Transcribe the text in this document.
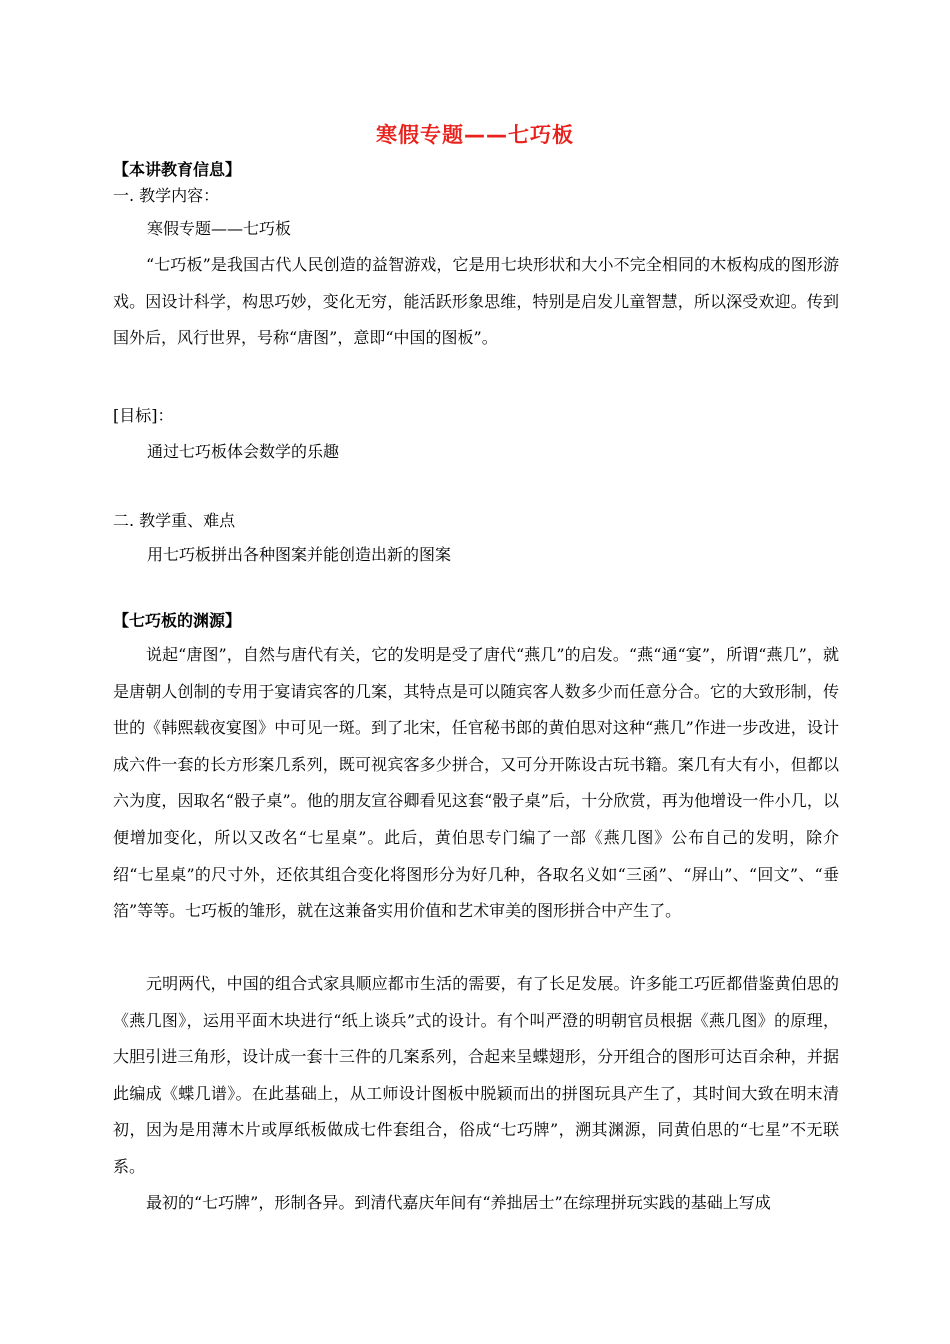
寒假专题——七巧板
【本讲教育信息】
一. 教学内容：
寒假专题——七巧板
“七巧板”是我国古代人民创造的益智游戏，它是用七块形状和大小不完全相同的木板构成的图形游戏。因设计科学，构思巧妙，变化无穷，能活跃形象思维，特别是启发儿童智慧，所以深受欢迎。传到国外后，风行世界，号称“唐图”，意即“中国的图板”。
[目标]：
通过七巧板体会数学的乐趣
二. 教学重、难点
用七巧板拼出各种图案并能创造出新的图案
【七巧板的渊源】
说起“唐图”，自然与唐代有关，它的发明是受了唐代“燕几”的启发。“燕“通“宴”，所谓“燕几”，就是唐朝人创制的专用于宴请宾客的几案，其特点是可以随宾客人数多少而任意分合。它的大致形制，传世的《韩熙载夜宴图》中可见一斑。到了北宋，任官秘书郎的黄伯思对这种“燕几”作进一步改进，设计成六件一套的长方形案几系列，既可视宾客多少拼合，又可分开陈设古玩书籍。案几有大有小，但都以六为度，因取名“骰子桌”。他的朋友宣谷卿看见这套“骰子桌”后，十分欣赏，再为他增设一件小几，以便增加变化，所以又改名“七星桌”。此后，黄伯思专门编了一部《燕几图》公布自己的发明，除介绍“七星桌”的尺寸外，还依其组合变化将图形分为好几种，各取名义如“三函”、“屏山”、“回文”、“垂箔”等等。七巧板的雏形，就在这兼备实用价值和艺术审美的图形拼合中产生了。
元明两代，中国的组合式家具顺应都市生活的需要，有了长足发展。许多能工巧匠都借鉴黄伯思的《燕几图》，运用平面木块进行“纸上谈兵”式的设计。有个叫严澄的明朝官员根据《燕几图》的原理，大胆引进三角形，设计成一套十三件的几案系列，合起来呈蝶翅形，分开组合的图形可达百余种，并据此编成《蝶几谱》。在此基础上，从工师设计图板中脱颖而出的拼图玩具产生了，其时间大致在明末清初，因为是用薄木片或厚纸板做成七件套组合，俗成“七巧牌”，溯其渊源，同黄伯思的“七星”不无联系。
最初的“七巧牌”，形制各异。到清代嘉庆年间有“养拙居士”在综理拼玩实践的基础上写成
